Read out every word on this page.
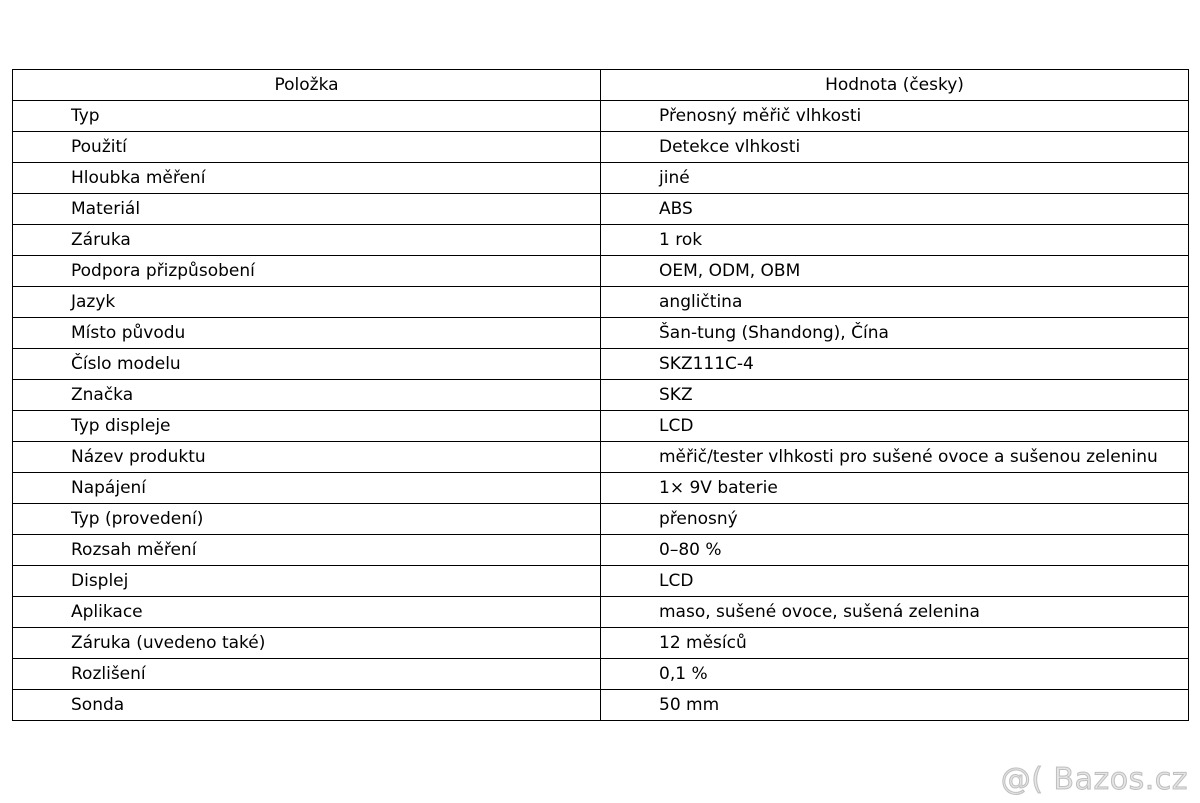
Položka	Hodnota (česky)
Typ	Přenosný měřič vlhkosti
Použití	Detekce vlhkosti
Hloubka měření	jiné
Materiál	ABS
Záruka	1 rok
Podpora přizpůsobení	OEM, ODM, OBM
Jazyk	angličtina
Místo původu	Šan-tung (Shandong), Čína
Číslo modelu	SKZ111C-4
Značka	SKZ
Typ displeje	LCD
Název produktu	měřič/tester vlhkosti pro sušené ovoce a sušenou zeleninu
Napájení	1× 9V baterie
Typ (provedení)	přenosný
Rozsah měření	0–80 %
Displej	LCD
Aplikace	maso, sušené ovoce, sušená zelenina
Záruka (uvedeno také)	12 měsíců
Rozlišení	0,1 %
Sonda	50 mm
@( Bazos.cz
